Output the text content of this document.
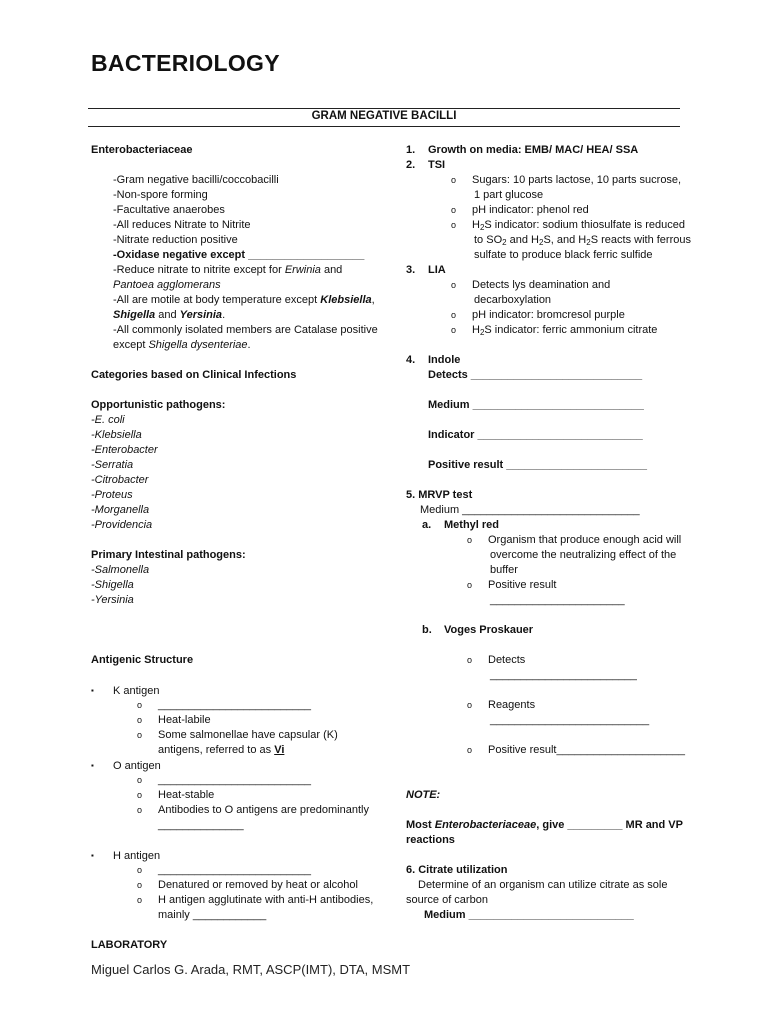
BACTERIOLOGY
GRAM NEGATIVE BACILLI
Enterobacteriaceae
-Gram negative bacilli/coccobacilli
-Non-spore forming
-Facultative anaerobes
-All reduces Nitrate to Nitrite
-Nitrate reduction positive
-Oxidase negative except ___________________
-Reduce nitrate to nitrite except for Erwinia and
Pantoea agglomerans
-All are motile at body temperature except Klebsiella,
Shigella and Yersinia.
-All commonly isolated members are Catalase positive
except Shigella dysenteriae.
Categories based on Clinical Infections
Opportunistic pathogens:
-E. coli
-Klebsiella
-Enterobacter
-Serratia
-Citrobacter
-Proteus
-Morganella
-Providencia
Primary Intestinal pathogens:
-Salmonella
-Shigella
-Yersinia
Antigenic Structure
▪ K antigen
o _________________________
o Heat-labile
o Some salmonellae have capsular (K)
antigens, referred to as Vi
▪ O antigen
o _________________________
o Heat-stable
o Antibodies to O antigens are predominantly
______________
▪ H antigen
o _________________________
o Denatured or removed by heat or alcohol
o H antigen agglutinate with anti-H antibodies,
mainly ____________
LABORATORY
1. Growth on media: EMB/ MAC/ HEA/ SSA
2. TSI
o Sugars: 10 parts lactose, 10 parts sucrose,
1 part glucose
o pH indicator: phenol red
o $H_2S$ indicator: sodium thiosulfate is reduced
to $SO_2$ and $H_2S$, and $H_2S$ reacts with ferrous
sulfate to produce black ferric sulfide
3. LIA
o Detects lys deamination and
decarboxylation
o pH indicator: bromcresol purple
o $H_2S$ indicator: ferric ammonium citrate
4. Indole
Detects ____________________________
Medium ____________________________
Indicator ___________________________
Positive result _______________________
5. MRVP test
Medium _____________________________
a. Methyl red
o Organism that produce enough acid will
overcome the neutralizing effect of the
buffer
o Positive result
______________________
b. Voges Proskauer
o Detects
________________________
o Reagents
__________________________
o Positive result_____________________
NOTE:
Most Enterobacteriaceae, give _________ MR and VP
reactions
6. Citrate utilization
Determine of an organism can utilize citrate as sole
source of carbon
Medium ___________________________
Miguel Carlos G. Arada, RMT, ASCP(IMT), DTA, MSMT
